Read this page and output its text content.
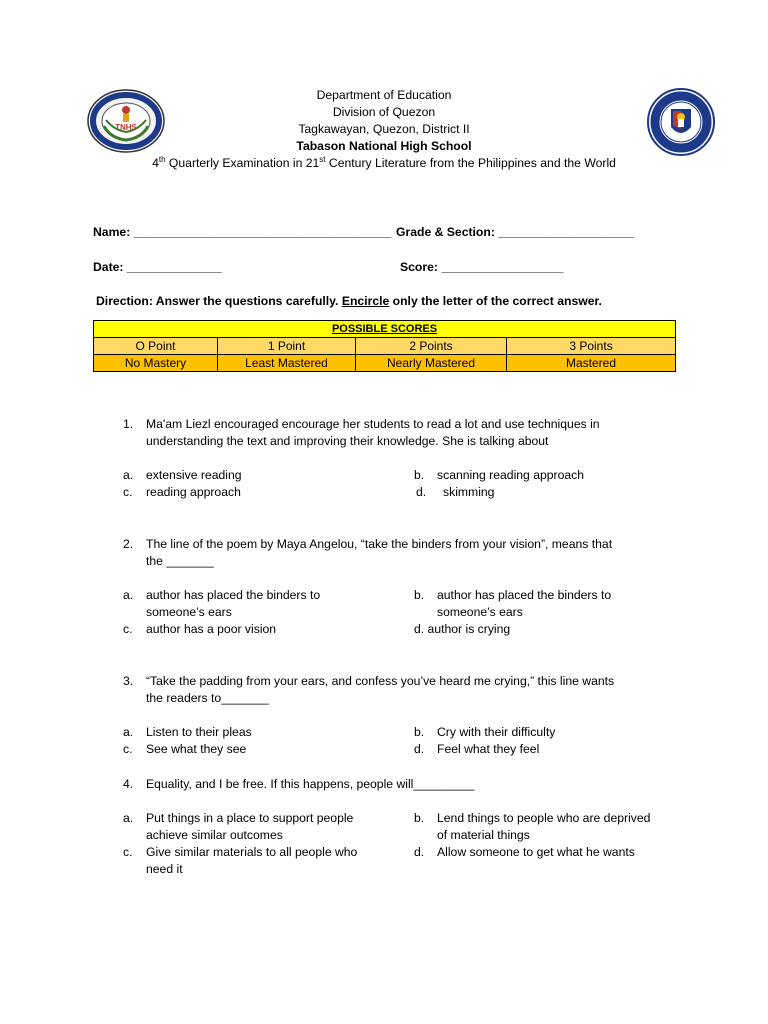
TNHS
Department of Education
Division of Quezon
Tagkawayan, Quezon, District II
Tabason National High School
4th Quarterly Examination in 21st Century Literature from the Philippines and the World
Name: ______________________________________ Grade & Section: ____________________
Date: ______________	Score: __________________
Direction: Answer the questions carefully. Encircle only the letter of the correct answer.
POSSIBLE SCORES			
O Point	1 Point	2 Points	3 Points
No Mastery	Least Mastered	Nearly Mastered	Mastered
1. Ma'am Liezl encouraged encourage her students to read a lot and use techniques in
understanding the text and improving their knowledge. She is talking about
a. extensive reading	b. scanning reading approach
c. reading approach	d. skimming
2. The line of the poem by Maya Angelou, “take the binders from your vision”, means that
the _______
a. author has placed the binders to
someone’s ears
b. author has placed the binders to
someone’s ears
c. author has a poor vision	d. author is crying
3. “Take the padding from your ears, and confess you’ve heard me crying,” this line wants
the readers to_______
a. Listen to their pleas	b. Cry with their difficulty
c. See what they see	d. Feel what they feel
4. Equality, and I be free. If this happens, people will_________
a. Put things in a place to support people
achieve similar outcomes
b. Lend things to people who are deprived
of material things
c. Give similar materials to all people who
need it
d. Allow someone to get what he wants
